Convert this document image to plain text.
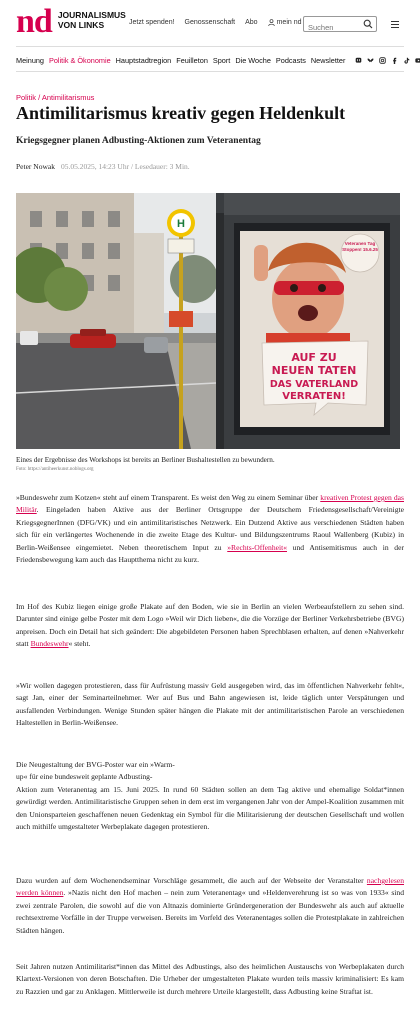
nd JOURNALISMUS
VON LINKS	Jetzt spenden! Genossenschaft Abo	mein nd
Suchen
Meinung Politik & Ökonomie Hauptstadtregion Feuilleton Sport Die Woche Podcasts Newsletter
Politik / Antimilitarismus
Antimilitarismus kreativ gegen Heldenkult
Kriegsgegner planen Adbusting-Aktionen zum Veteranentag
Peter Nowak 05.05.2025, 14:23 Uhr / Lesedauer: 3 Min.
H
Veteranen Tag Stoppen! 15.6.25
AUF ZU
NEUEN TATEN
DAS VATERLAND
VERRATEN!
Eines der Ergebnisse des Workshops ist bereits an Berliner Bushaltestellen zu bewundern.
Foto: https://antiheerkunst.noblogs.org

»Bundeswehr zum Kotzen« steht auf einem Transparent. Es weist den Weg zu einem Seminar über kreativen Protest gegen das Militär. Eingeladen haben Aktive aus der Berliner Ortsgruppe der Deutschem Friedensgesellschaft/Vereinigte KriegsgegnerInnen (DFG/VK) und ein antimilitaristisches Netzwerk. Ein Dutzend Aktive aus verschiedenen Städten haben sich für ein verlängertes Wochenende in die zweite Etage des Kultur- und Bildungszentrums Raoul Wallenberg (Kubiz) in Berlin-Weißensee eingemietet. Neben theoretischem Input zu »Rechts-Offenheit« und Antisemitismus auch in der Friedensbewegung kam auch das Hauptthema nicht zu kurz.

Im Hof des Kubiz liegen einige große Plakate auf den Boden, wie sie in Berlin an vielen Werbeaufstellern zu sehen sind. Darunter sind einige gelbe Poster mit dem Logo »Weil wir Dich lieben«, die die Vorzüge der Berliner Verkehrsbetriebe (BVG) anpreisen. Doch ein Detail hat sich geändert: Die abgebildeten Personen haben Sprechblasen erhalten, auf denen »Nahverkehr statt Bundeswehr« steht.

»Wir wollen dagegen protestieren, dass für Aufrüstung massiv Geld ausgegeben wird, das im öffentlichen Nahverkehr fehlt«, sagt Jan, einer der Seminarteilnehmer. Wer auf Bus und Bahn angewiesen ist, leide täglich unter Verspätungen und ausfallenden Verbindungen. Wenige Stunden später hängen die Plakate mit der antimilitaristischen Parole an verschiedenen Haltestellen in Berlin-Weißensee.

Die Neugestaltung der BVG-Poster war ein »Warm-
up« für eine bundesweit geplante Adbusting-
Aktion zum Veteranentag am 15. Juni 2025. In rund 60 Städten sollen an dem Tag aktive und ehemalige Soldat*innen gewürdigt werden. Antimilitaristische Gruppen sehen in dem erst im vergangenen Jahr von der Ampel-Koalition zusammen mit den Unionsparteien geschaffenen neuen Gedenktag ein Symbol für die Militarisierung der deutschen Gesellschaft und wollen auch mithilfe umgestalteter Werbeplakate dagegen protestieren.

Dazu wurden auf dem Wochenendseminar Vorschläge gesammelt, die auch auf der Webseite der Veranstalter nachgelesen werden können. »Nazis nicht den Hof machen – nein zum Veteranentag« und »Heldenverehrung ist so was von 1933« sind zwei zentrale Parolen, die sowohl auf die von Altnazis dominierte Gründergeneration der Bundeswehr als auch auf aktuelle rechtsextreme Vorfälle in der Truppe verweisen. Bereits im Vorfeld des Veteranentages sollen die Protestplakate in zahlreichen Städten hängen.

Seit Jahren nutzen Antimilitarist*innen das Mittel des Adbustings, also des heimlichen Austauschs von Werbeplakaten durch Klartext-Versionen von deren Botschaften. Die Urheber der umgestalteten Plakate wurden teils massiv kriminalisiert: Es kam zu Razzien und gar zu Anklagen. Mittlerweile ist durch mehrere Urteile klargestellt, dass Adbusting keine Straftat ist.
